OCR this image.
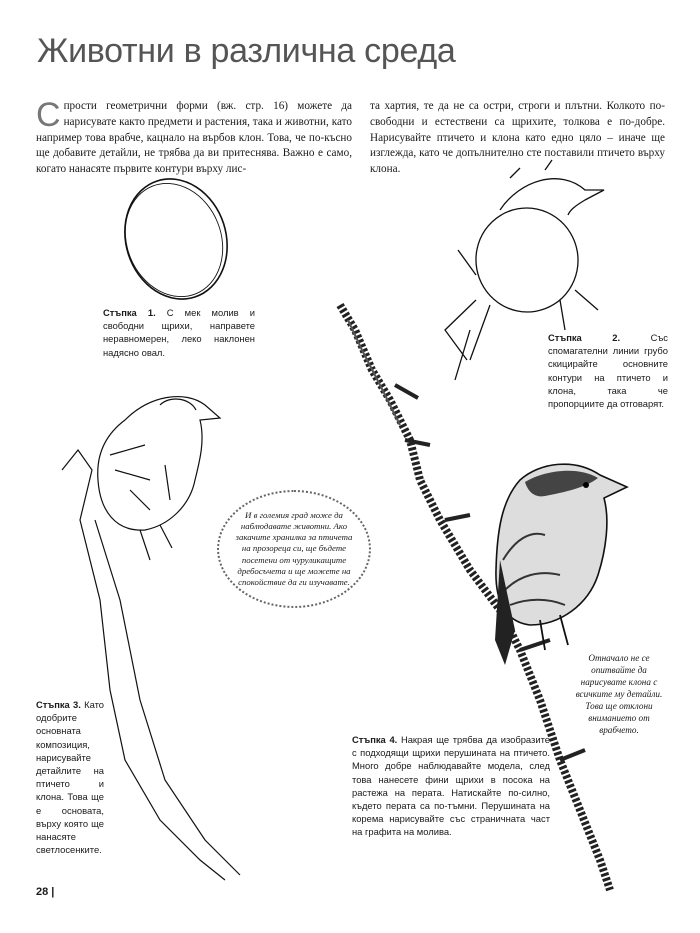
Животни в различна среда
Спрости геометрични форми (вж. стр. 16) можете да нарисувате както предмети и растения, така и животни, като например това врабче, кацнало на върбов клон. Това, че по-късно ще добавите детайли, не трябва да ви притеснява. Важно е само, когато нанасяте първите контури върху лис-
та хартия, те да не са остри, строги и плътни. Колкото по-свободни и естествени са щрихите, толкова е по-добре. Нарисувайте птичето и клона като едно цяло – иначе ще изглежда, като че допълнително сте поставили птичето върху клона.
Стъпка 1. С мек молив и свободни щрихи, направете неравномерен, леко наклонен надясно овал.
Стъпка 2.	Със спомагателни линии грубо скицирайте основните контури на птичето и клона, така че пропорциите да отговарят.
Стъпка 3. Като одобрите основната композиция, нарисувайте детайлите на птичето и клона. Това ще е основата, върху която ще нанасяте светлосенките.
Стъпка 4. Накрая ще трябва да изобразите с подходящи щрихи перушината на птичето. Много добре наблюдавайте модела, след това нанесете фини щрихи в посока на растежа на перата. Натискайте по-силно, където перата са по-тъмни. Перушината на корема нарисувайте със страничната част на графита на молива.
И в големия град може да наблюдавате животни. Ако закачите хранилка за птичета на прозореца си, ще бъдете посетени от чуруликащите дребосъчета и ще можете на спокойствие да ги изучавате.
Отначало не се опитвайте да нарисувате клона с всичките му детайли. Това ще отклони вниманието от врабчето.
28 |
